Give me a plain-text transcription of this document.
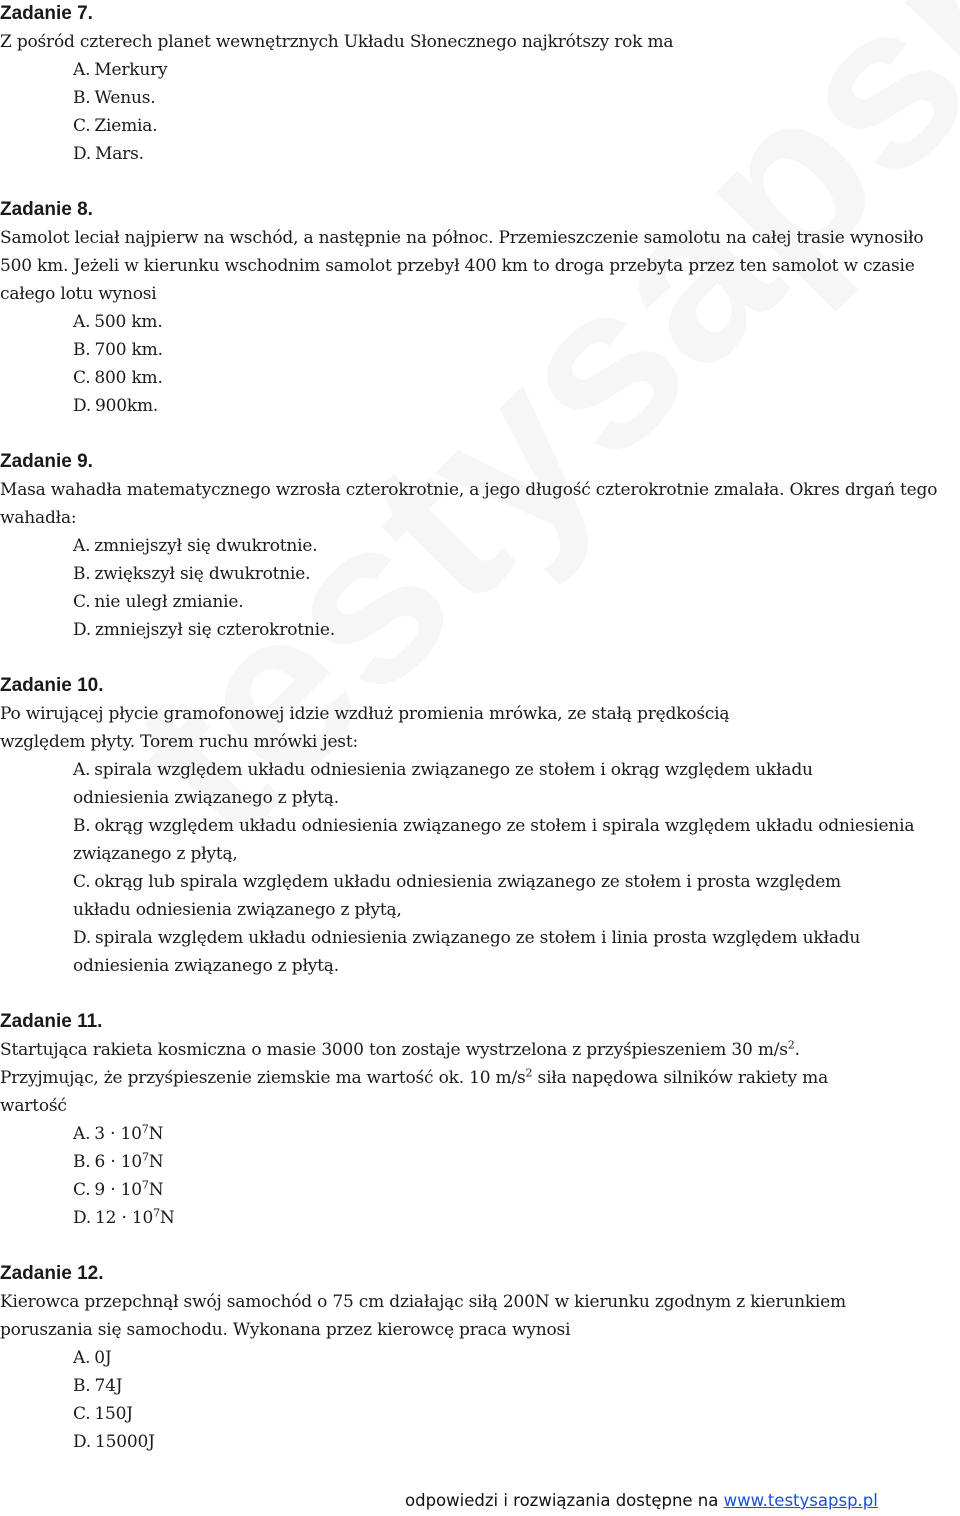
Zadanie 7.
Z pośród czterech planet wewnętrznych Układu Słonecznego najkrótszy rok ma
A. Merkury
B. Wenus.
C. Ziemia.
D. Mars.
Zadanie 8.
Samolot leciał najpierw na wschód, a następnie na północ. Przemieszczenie samolotu na całej trasie wynosiło 500 km. Jeżeli w kierunku wschodnim samolot przebył 400 km to droga przebyta przez ten samolot w czasie całego lotu wynosi
A. 500 km.
B. 700 km.
C. 800 km.
D. 900km.
Zadanie 9.
Masa wahadła matematycznego wzrosła czterokrotnie, a jego długość czterokrotnie zmalała. Okres drgań tego wahadła:
A. zmniejszył się dwukrotnie.
B. zwiększył się dwukrotnie.
C. nie uległ zmianie.
D. zmniejszył się czterokrotnie.
Zadanie 10.
Po wirującej płycie gramofonowej idzie wzdłuż promienia mrówka, ze stałą prędkością względem płyty. Torem ruchu mrówki jest:
A. spirala względem układu odniesienia związanego ze stołem i okrąg względem układu odniesienia związanego z płytą.
B. okrąg względem układu odniesienia związanego ze stołem i spirala względem układu odniesienia związanego z płytą,
C. okrąg lub spirala względem układu odniesienia związanego ze stołem i prosta względem układu odniesienia związanego z płytą,
D. spirala względem układu odniesienia związanego ze stołem i linia prosta względem układu odniesienia związanego z płytą.
Zadanie 11.
Startująca rakieta kosmiczna o masie 3000 ton zostaje wystrzelona z przyśpieszeniem 30 $m/s^2$. Przyjmując, że przyśpieszenie ziemskie ma wartość ok. 10 $m/s^2$ siła napędowa silników rakiety ma wartość
A. $3 \cdot 10^7N$
B. $6 \cdot 10^7N$
C. $9 \cdot 10^7N$
D. $12 \cdot 10^7N$
Zadanie 12.
Kierowca przepchnął swój samochód o 75 cm działając siłą 200N w kierunku zgodnym z kierunkiem poruszania się samochodu. Wykonana przez kierowcę praca wynosi
A. 0J
B. 74J
C. 150J
D. 15000J
odpowiedzi i rozwiązania dostępne na www.testysapsp.pl
